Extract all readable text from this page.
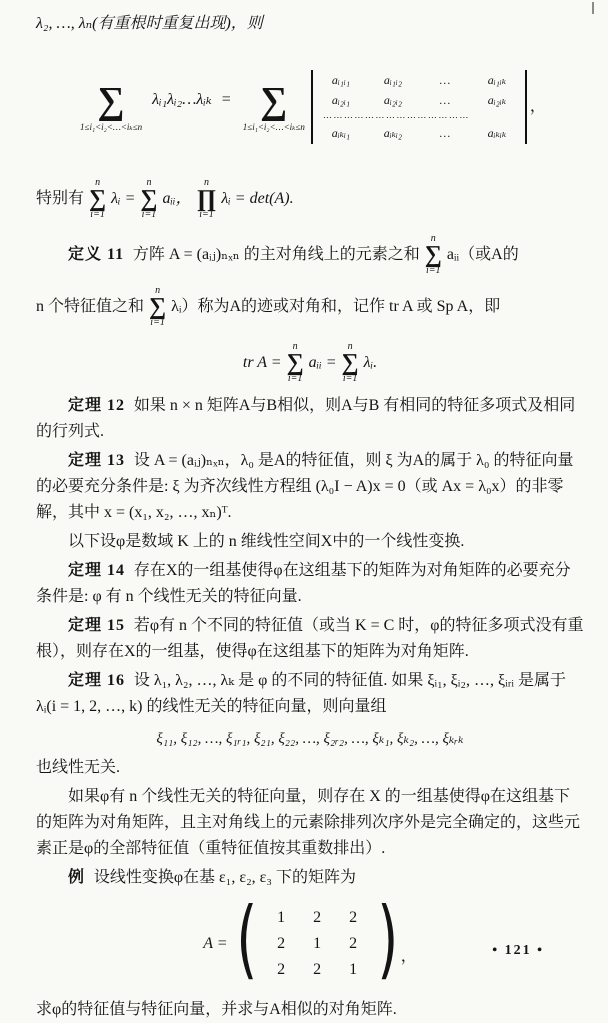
λ₂, …, λₙ(有重根时重复出现)，则

∑
1≤i₁<i₂<…<iₖ≤n
λᵢ₁λᵢ₂…λᵢₖ = ∑
1≤i₁<i₂<…<iₖ≤n
aᵢ₁ᵢ₁	aᵢ₁ᵢ₂	…	aᵢ₁ᵢₖ
aᵢ₂ᵢ₁	aᵢ₂ᵢ₂	…	aᵢ₂ᵢₖ
⋯⋯⋯⋯⋯⋯⋯⋯⋯⋯⋯⋯⋯⋯
aᵢₖᵢ₁	aᵢₖᵢ₂	…	aᵢₖᵢₖ
，
特别有
n
∑
i=1
λᵢ =
n
∑
i=1
aᵢᵢ，
n
∏
i=1
λᵢ = det(A).
定义 11 方阵 A = (aᵢⱼ)ₙₓₙ 的主对角线上的元素之和
n
∑
i=1
aᵢᵢ（或A的
n 个特征值之和
n
∑
i=1
λᵢ）称为A的迹或对角和，记作 tr A 或 Sp A，即
tr A =
n
∑
i=1
aᵢᵢ =
n
∑
i=1
λᵢ.

定理 12 如果 n × n 矩阵A与B相似，则A与B 有相同的特征多项式及相同的行列式.

定理 13 设 A = (aᵢⱼ)ₙₓₙ，λ₀ 是A的特征值，则 ξ 为A的属于 λ₀ 的特征向量的必要充分条件是: ξ 为齐次线性方程组 (λ₀I − A)x = 0（或 Ax = λ₀x）的非零解，其中 x = (x₁, x₂, …, xₙ)ᵀ.

以下设φ是数域 K 上的 n 维线性空间X中的一个线性变换.

定理 14 存在X的一组基使得φ在这组基下的矩阵为对角矩阵的必要充分条件是: φ 有 n 个线性无关的特征向量.

定理 15 若φ有 n 个不同的特征值（或当 K = C 时，φ的特征多项式没有重根），则存在X的一组基，使得φ在这组基下的矩阵为对角矩阵.

定理 16 设 λ₁, λ₂, …, λₖ 是 φ 的不同的特征值. 如果 ξᵢ₁, ξᵢ₂, …, ξᵢᵣᵢ 是属于 λᵢ(i = 1, 2, …, k) 的线性无关的特征向量，则向量组

ξ₁₁, ξ₁₂, …, ξ₁ᵣ₁, ξ₂₁, ξ₂₂, …, ξ₂ᵣ₂, …, ξₖ₁, ξₖ₂, …, ξₖᵣₖ

也线性无关.

如果φ有 n 个线性无关的特征向量，则存在 X 的一组基使得φ在这组基下的矩阵为对角矩阵，且主对角线上的元素除排列次序外是完全确定的，这些元素正是φ的全部特征值（重特征值按其重数排出）.

例 设线性变换φ在基 ε₁, ε₂, ε₃ 下的矩阵为

A = (	1	2	2
2	1	2
2	2	1 ) ，

求φ的特征值与特征向量，并求与A相似的对角矩阵.

• 121 •
